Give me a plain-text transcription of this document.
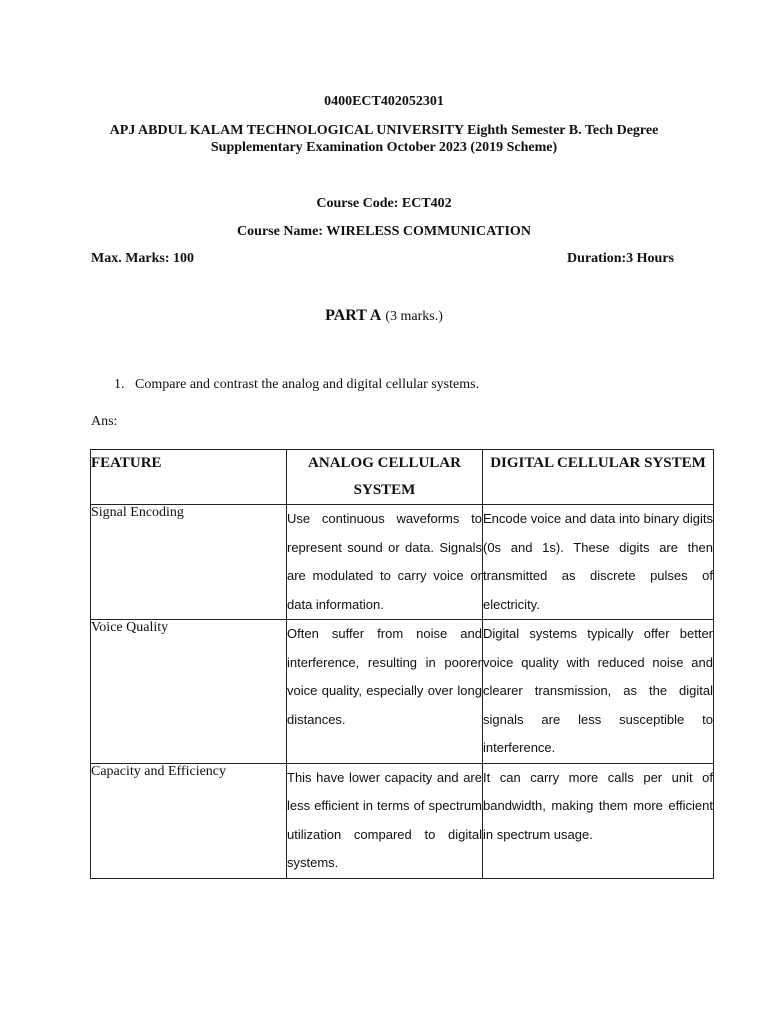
0400ECT402052301
APJ ABDUL KALAM TECHNOLOGICAL UNIVERSITY Eighth Semester B. Tech Degree Supplementary Examination October 2023 (2019 Scheme)
Course Code: ECT402
Course Name: WIRELESS COMMUNICATION
Max. Marks: 100	Duration:3 Hours
PART A (3 marks.)
1. Compare and contrast the analog and digital cellular systems.
Ans:
FEATURE	ANALOG CELLULAR SYSTEM	DIGITAL CELLULAR SYSTEM
Signal Encoding	Use continuous waveforms to represent sound or data. Signals are modulated to carry voice or data information.	Encode voice and data into binary digits (0s and 1s). These digits are then transmitted as discrete pulses of electricity.
Voice Quality	Often suffer from noise and interference, resulting in poorer voice quality, especially over long distances.	Digital systems typically offer better voice quality with reduced noise and clearer transmission, as the digital signals are less susceptible to interference.
Capacity and Efficiency	This have lower capacity and are less efficient in terms of spectrum utilization compared to digital systems.	It can carry more calls per unit of bandwidth, making them more efficient in spectrum usage.
